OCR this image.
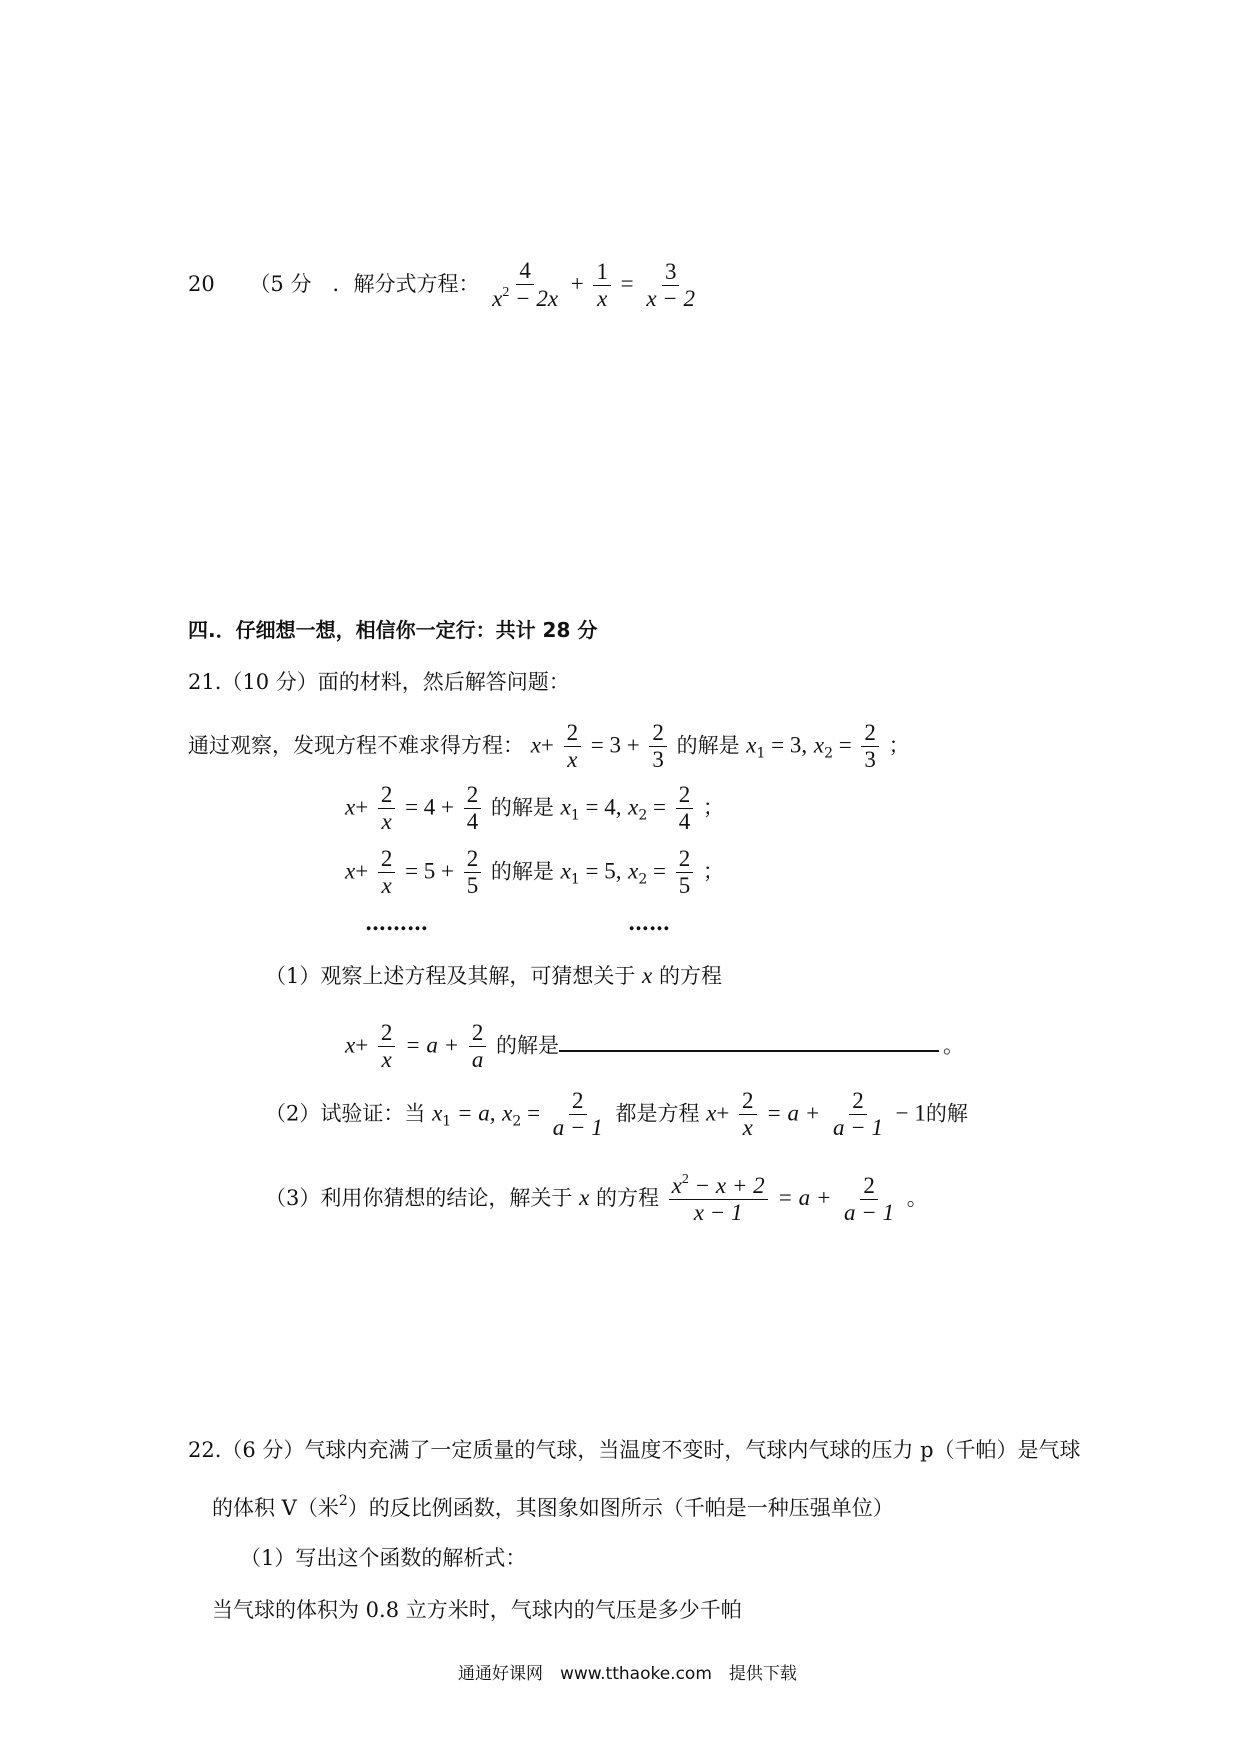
20 （5 分　．解分式方程： $\frac{4}{x^2 - 2x} + \frac{1}{x} = \frac{3}{x - 2}$
四.．仔细想一想，相信你一定行：共计 28 分
21.（10 分）面的材料，然后解答问题：
通过观察，发现方程不难求得方程： $x+ \frac{2}{x} = 3 + \frac{2}{3}$ 的解是 $x_1 = 3$, $x_2 = \frac{2}{3}$ ；
$x+ \frac{2}{x} = 4 + \frac{2}{4}$ 的解是 $x_1 = 4$, $x_2 = \frac{2}{4}$ ；
$x+ \frac{2}{x} = 5 + \frac{2}{5}$ 的解是 $x_1 = 5$, $x_2 = \frac{2}{5}$ ；
………	……
（1）观察上述方程及其解，可猜想关于 x 的方程
$x+ \frac{2}{x} = a + \frac{2}{a}$ 的解是	。
（2）试验证：当 $x_1 = a$, $x_2 = \frac{2}{a - 1}$ 都是方程 $x+ \frac{2}{x} = a + \frac{2}{a - 1} - 1$的解
（3）利用你猜想的结论，解关于 x 的方程 $\frac{x^2 - x + 2}{x - 1} = a + \frac{2}{a - 1}$ 。
22.（6 分）气球内充满了一定质量的气球，当温度不变时，气球内气球的压力 p（千帕）是气球
的体积 V（米$^2$）的反比例函数，其图象如图所示（千帕是一种压强单位）
（1）写出这个函数的解析式：
当气球的体积为 0.8 立方米时，气球内的气压是多少千帕
通通好课网　www.tthaoke.com　提供下载
